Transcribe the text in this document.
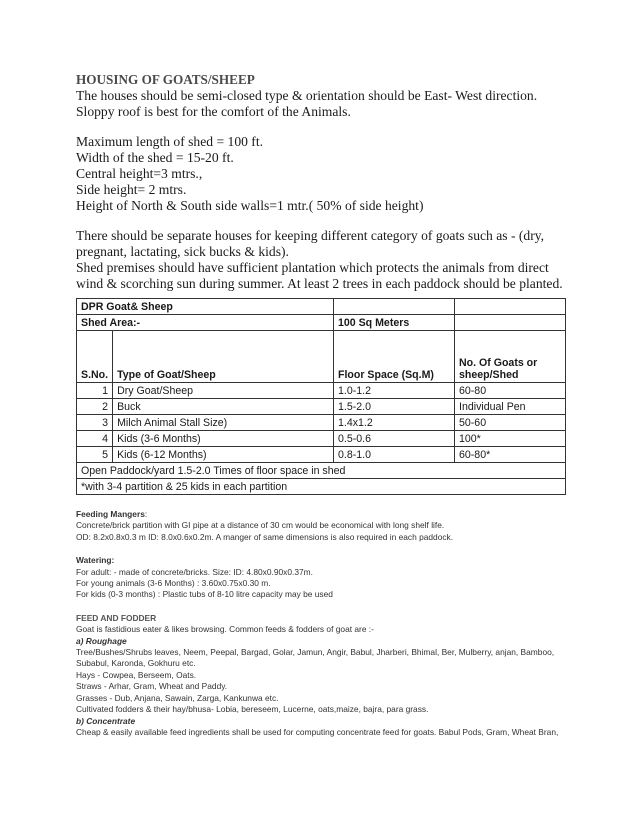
HOUSING OF GOATS/SHEEP

The houses should be semi-closed type & orientation should be East- West direction. Sloppy roof is best for the comfort of the Animals.

Maximum length of shed = 100 ft.
Width of the shed = 15-20 ft.
Central height=3 mtrs.,
Side height= 2 mtrs.
Height of North & South side walls=1 mtr.( 50% of side height)

There should be separate houses for keeping different category of goats such as - (dry, pregnant, lactating, sick bucks & kids).

Shed premises should have sufficient plantation which protects the animals from direct wind & scorching sun during summer. At least 2 trees in each paddock should be planted.

DPR Goat& Sheep			
Shed Area:-		100 Sq Meters	
S.No.	Type of Goat/Sheep	Floor Space (Sq.M)	No. Of Goats or sheep/Shed
1	Dry Goat/Sheep	1.0-1.2	60-80
2	Buck	1.5-2.0	Individual Pen
3	Milch Animal Stall Size)	1.4x1.2	50-60
4	Kids (3-6 Months)	0.5-0.6	100*
5	Kids (6-12 Months)	0.8-1.0	60-80*
Open Paddock/yard 1.5-2.0 Times of floor space in shed			
*with 3-4 partition & 25 kids in each partition			
Feeding Mangers:
Concrete/brick partition with GI pipe at a distance of 30 cm would be economical with long shelf life.
OD: 8.2x0.8x0.3 m ID: 8.0x0.6x0.2m. A manger of same dimensions is also required in each paddock.
Watering:
For adult: - made of concrete/bricks. Size: ID: 4.80x0.90x0.37m.
For young animals (3-6 Months) : 3.60x0.75x0.30 m.
For kids (0-3 months) : Plastic tubs of 8-10 litre capacity may be used
FEED AND FODDER
Goat is fastidious eater & likes browsing. Common feeds & fodders of goat are :-
a) Roughage
Tree/Bushes/Shrubs leaves, Neem, Peepal, Bargad, Golar, Jamun, Angir, Babul, Jharberi, Bhimal, Ber, Mulberry, anjan, Bamboo,
Subabul, Karonda, Gokhuru etc.
Hays - Cowpea, Berseem, Oats.
Straws - Arhar, Gram, Wheat and Paddy.
Grasses - Dub, Anjana, Sawain, Zarga, Kankunwa etc.
Cultivated fodders & their hay/bhusa- Lobia, bereseem, Lucerne, oats,maize, bajra, para grass.
b) Concentrate
Cheap & easily available feed ingredients shall be used for computing concentrate feed for goats. Babul Pods, Gram, Wheat Bran,
